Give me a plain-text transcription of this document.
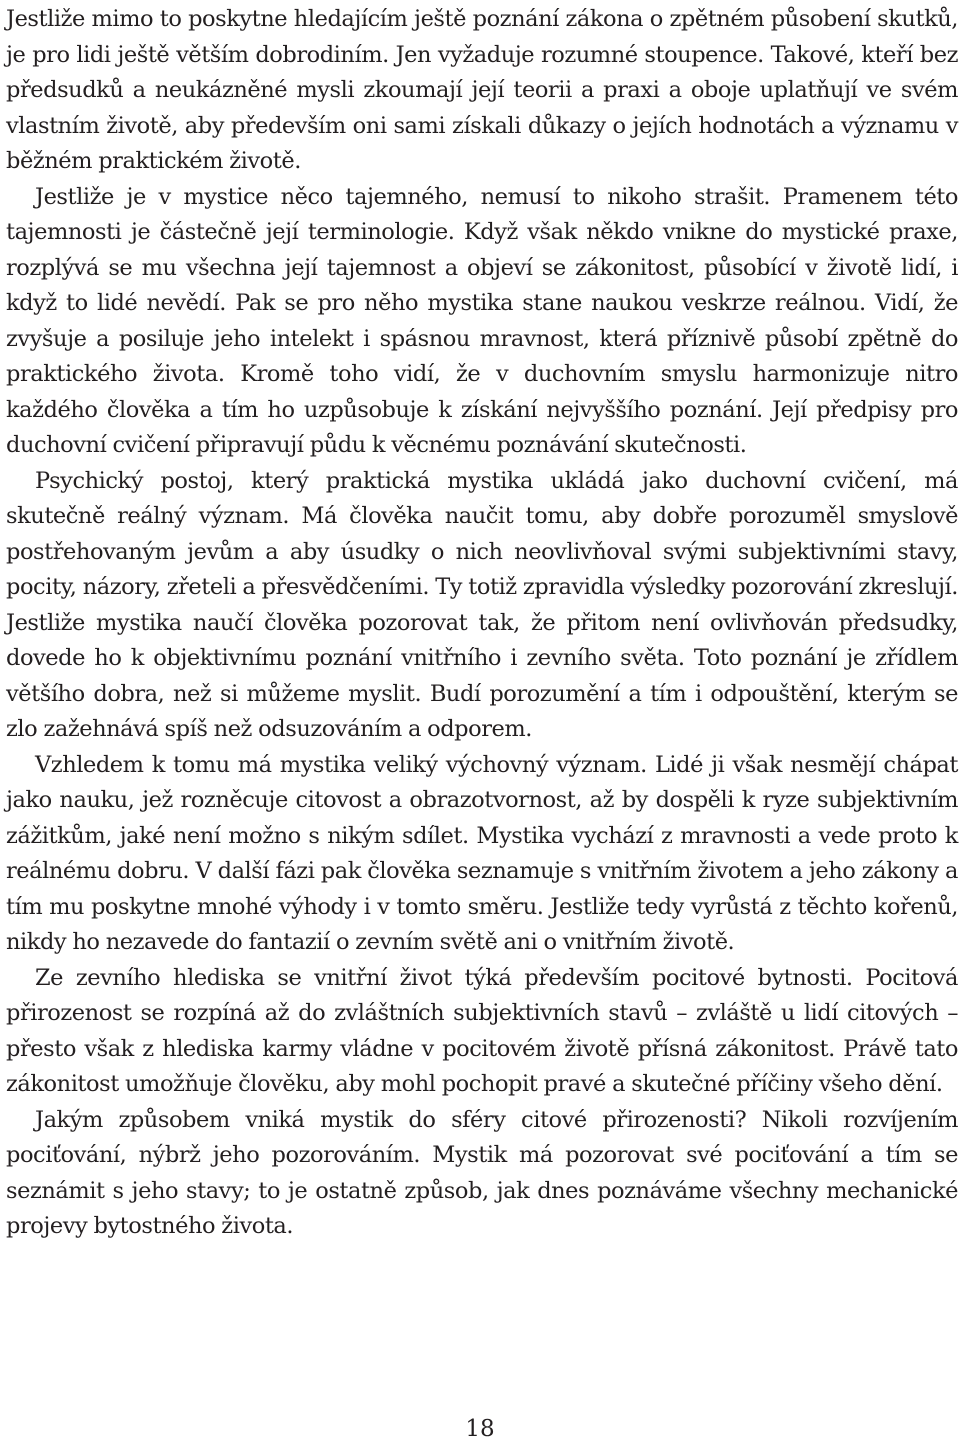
Jestliže mimo to poskytne hledajícím ještě poznání zákona o zpětném působení skutků, je pro lidi ještě větším dobrodiním. Jen vyžaduje rozumné stoupence. Takové, kteří bez předsudků a neukázněné mysli zkoumají její teorii a praxi a oboje uplatňují ve svém vlastním životě, aby především oni sami získali důkazy o jejích hodnotách a významu v běžném praktickém životě.

Jestliže je v mystice něco tajemného, nemusí to nikoho strašit. Pramenem této tajemnosti je částečně její terminologie. Když však někdo vnikne do mystické praxe, rozplývá se mu všechna její tajemnost a objeví se zákonitost, působící v životě lidí, i když to lidé nevědí. Pak se pro něho mystika stane naukou veskrze reálnou. Vidí, že zvyšuje a posiluje jeho intelekt i spásnou mravnost, která příznivě působí zpětně do praktického života. Kromě toho vidí, že v duchovním smyslu harmonizuje nitro každého člověka a tím ho uzpůsobuje k získání nejvyššího poznání. Její předpisy pro duchovní cvičení připravují půdu k věcnému poznávání skutečnosti.

Psychický postoj, který praktická mystika ukládá jako duchovní cvičení, má skutečně reálný význam. Má člověka naučit tomu, aby dobře porozuměl smyslově postřehovaným jevům a aby úsudky o nich neovlivňoval svými subjektivními stavy, pocity, názory, zřeteli a přesvědčeními. Ty totiž zpravidla výsledky pozorování zkreslují. Jestliže mystika naučí člověka pozorovat tak, že přitom není ovlivňován předsudky, dovede ho k objektivnímu poznání vnitřního i zevního světa. Toto poznání je zřídlem většího dobra, než si můžeme myslit. Budí porozumění a tím i odpouštění, kterým se zlo zažehnává spíš než odsuzováním a odporem.

Vzhledem k tomu má mystika veliký výchovný význam. Lidé ji však nesmějí chápat jako nauku, jež rozněcuje citovost a obrazotvornost, až by dospěli k ryze subjektivním zážitkům, jaké není možno s nikým sdílet. Mystika vychází z mravnosti a vede proto k reálnému dobru. V další fázi pak člověka seznamuje s vnitřním životem a jeho zákony a tím mu poskytne mnohé výhody i v tomto směru. Jestliže tedy vyrůstá z těchto kořenů, nikdy ho nezavede do fantazií o zevním světě ani o vnitřním životě.

Ze zevního hlediska se vnitřní život týká především pocitové bytnosti. Pocitová přirozenost se rozpíná až do zvláštních subjektivních stavů – zvláště u lidí citových – přesto však z hlediska karmy vládne v pocitovém životě přísná zákonitost. Právě tato zákonitost umožňuje člověku, aby mohl pochopit pravé a skutečné příčiny všeho dění.

Jakým způsobem vniká mystik do sféry citové přirozenosti? Nikoli rozvíjením pociťování, nýbrž jeho pozorováním. Mystik má pozorovat své pociťování a tím se seznámit s jeho stavy; to je ostatně způsob, jak dnes poznáváme všechny mechanické projevy bytostného života.

18
